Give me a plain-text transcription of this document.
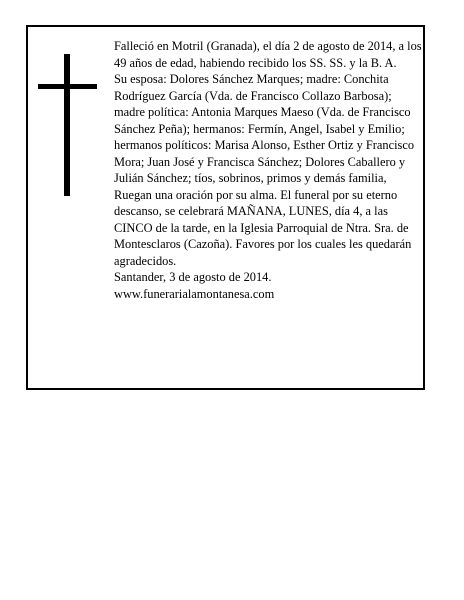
Falleció en Motril (Granada), el día 2 de agosto de 2014, a los 49 años de edad, habiendo recibido los SS. SS. y la B. A.

Su esposa: Dolores Sánchez Marques; madre: Conchita Rodríguez García (Vda. de Francisco Collazo Barbosa); madre política: Antonia Marques Maeso (Vda. de Francisco Sánchez Peña); hermanos: Fermín, Angel, Isabel y Emilio; hermanos políticos: Marisa Alonso, Esther Ortiz y Francisco Mora; Juan José y Francisca Sánchez; Dolores Caballero y Julián Sánchez; tíos, sobrinos, primos y demás familia,

Ruegan una oración por su alma. El funeral por su eterno descanso, se celebrará MAÑANA, LUNES, día 4, a las CINCO de la tarde, en la Iglesia Parroquial de Ntra. Sra. de Montesclaros (Cazoña). Favores por los cuales les quedarán agradecidos.

Santander, 3 de agosto de 2014.

www.funerarialamontanesa.com
